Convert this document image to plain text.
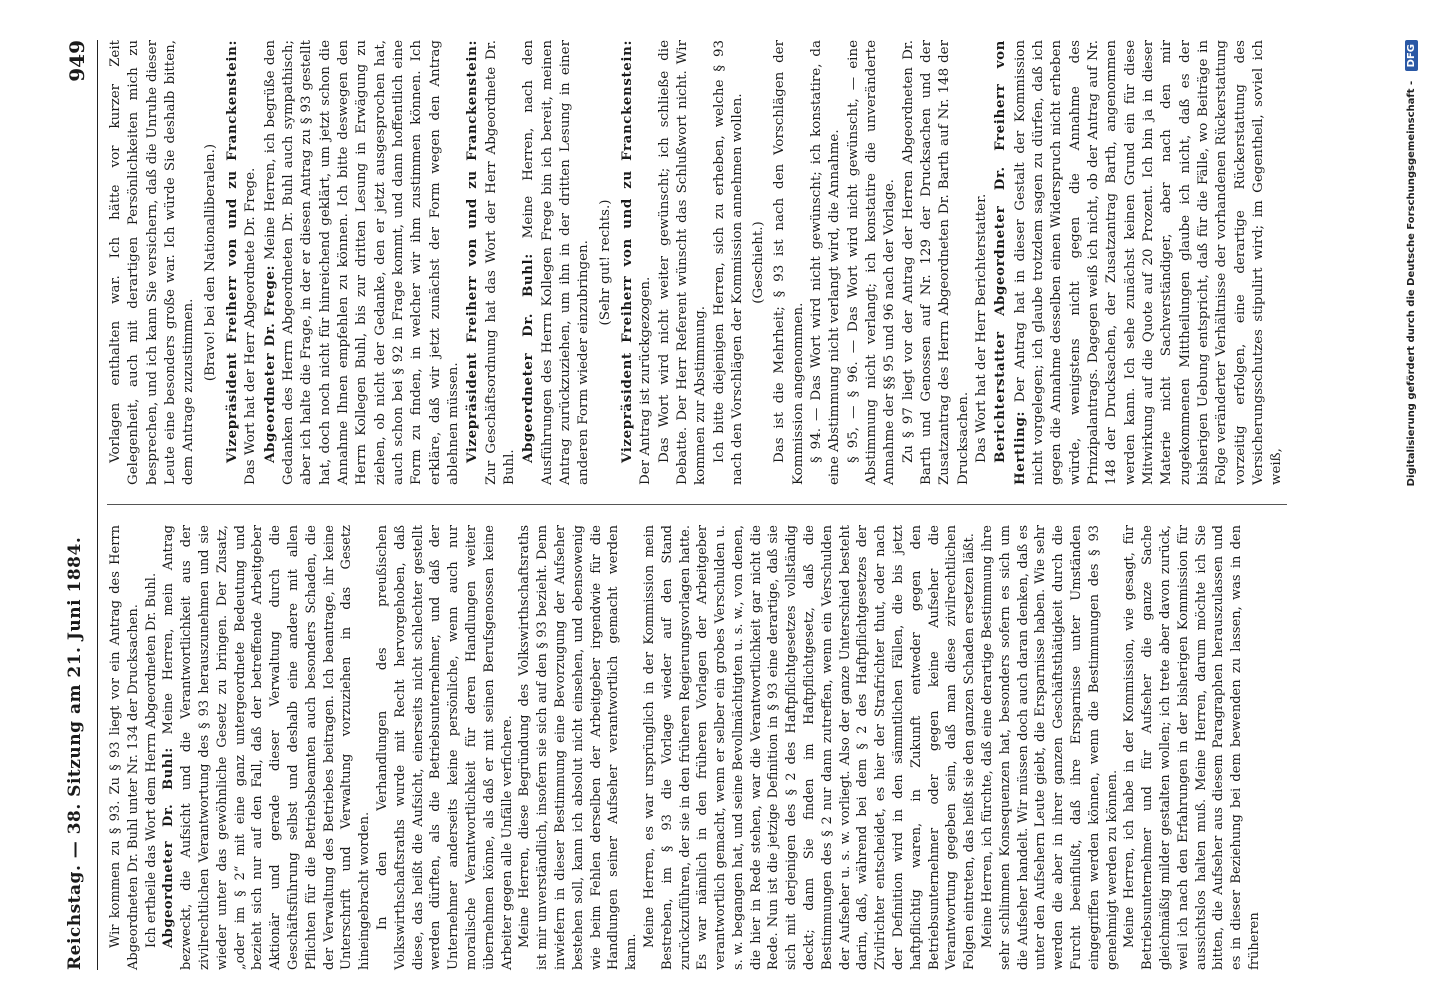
Reichstag. — 38. Sitzung am 21. Juni 1884.
949

Wir kommen zu § 93. Zu § 93 liegt vor ein Antrag des Herrn Abgeordneten Dr. Buhl unter Nr. 134 der Drucksachen. Ich ertheile das Wort dem Herrn Abgeordneten Dr. Buhl. Abgeordneter Dr. Buhl: Meine Herren, mein Antrag bezweckt, die Aufsicht und die Verantwortlichkeit aus der zivilrechtlichen Verantwortung des § 93 herauszunehmen und sie wieder unter das gewöhnliche Gesetz zu bringen. Der Zusatz, „oder im § 2“ mit eine ganz untergeordnete Bedeutung und bezieht sich nur auf den Fall, daß der betreffende Arbeitgeber Aktionär und gerade dieser Verwaltung durch die Geschäftsführung selbst und deshalb eine andere mit allen Pflichten für die Betriebsbeamten auch besonders Schaden, die der Verwaltung des Betriebes beitragen. Ich beantrage, ihr keine Unterschrift und Verwaltung vorzuziehen in das Gesetz hineingebracht worden. In den Verhandlungen des preußischen Volkswirthschaftsraths wurde mit Recht hervorgehoben, daß diese, das heißt die Aufsicht, einerseits nicht schlechter gestellt werden dürften, als die Betriebsunternehmer, und daß der Unternehmer anderseits keine persönliche, wenn auch nur moralische Verantwortlichkeit für deren Handlungen weiter übernehmen könne, als daß er mit seinen Berufsgenossen keine Arbeiter gegen alle Unfälle verfichere. Meine Herren, diese Begründung des Volkswirthschaftsraths ist mir unverständlich, insofern sie sich auf den § 93 bezieht. Denn inwiefern in dieser Bestimmung eine Bevorzugung der Aufseher bestehen soll, kann ich absolut nicht einsehen, und ebensowenig wie beim Fehlen derselben der Arbeitgeber irgendwie für die Handlungen seiner Aufseher verantwortlich gemacht werden kann.

Meine Herren, es war ursprünglich in der Kommission mein Bestreben, im § 93 die Vorlage wieder auf den Stand zurückzuführen, der sie in den früheren Regierungsvorlagen hatte. Es war nämlich in den früheren Vorlagen der Arbeitgeber verantwortlich gemacht, wenn er selber ein grobes Verschulden u. s. w. begangen hat, und seine Bevollmächtigten u. s. w., von denen, die hier in Rede stehen, war die Verantwortlichkeit gar nicht die Rede. Nun ist die jetzige Definition in § 93 eine derartige, daß sie sich mit derjenigen des § 2 des Haftpflichtgesetzes vollständig deckt; dann Sie finden im Haftpflichtgesetz, daß die Bestimmungen des § 2 nur dann zutreffen, wenn ein Verschulden der Aufseher u. s. w. vorliegt. Also der ganze Unterschied besteht darin, daß, während bei dem § 2 des Haftpflichtgesetzes der Zivilrichter entscheidet, es hier der Strafrichter thut, oder nach der Definition wird in den sämmtlichen Fällen, die bis jetzt haftpflichtig waren, in Zukunft entweder gegen den Betriebsunternehmer oder gegen keine Aufseher die Verantwortung gegeben sein, daß man diese zivilrechtlichen Folgen eintreten, das heißt sie den ganzen Schaden ersetzen läßt. Meine Herren, ich fürchte, daß eine derartige Bestimmung ihre sehr schlimmen Konsequenzen hat, besonders sofern es sich um die Aufseher handelt. Wir müssen doch auch daran denken, daß es unter den Aufsehern Leute giebt, die Ersparnisse haben. Wie sehr werden die aber in ihrer ganzen Geschäftsthätigkeit durch die Furcht beeinflußt, daß ihre Ersparnisse unter Umständen eingegriffen werden können, wenn die Bestimmungen des § 93 genehmigt werden zu können. Meine Herren, ich habe in der Kommission, wie gesagt, für Betriebsunternehmer und für Aufseher die ganze Sache gleichmäßig milder gestalten wollen; ich trete aber davon zurück, weil ich nach den Erfahrungen in der bisherigen Kommission für aussichtslos halten muß. Meine Herren, darum möchte ich Sie bitten, die Aufseher aus diesem Paragraphen herauszulassen und es in dieser Beziehung bei dem bewenden zu lassen, was in den früheren

Vorlagen enthalten war. Ich hätte vor kurzer Zeit Gelegenheit, auch mit derartigen Persönlichkeiten mich zu besprechen, und ich kann Sie versichern, daß die Unruhe dieser Leute eine besonders große war. Ich würde Sie deshalb bitten, dem Antrage zuzustimmen.

(Bravo! bei den Nationalliberalen.) Vizepräsident Freiherr von und zu Franckenstein: Das Wort hat der Herr Abgeordnete Dr. Frege. Abgeordneter Dr. Frege: Meine Herren, ich begrüße den Gedanken des Herrn Abgeordneten Dr. Buhl auch sympathisch; aber ich halte die Frage, in der er diesen Antrag zu § 93 gestellt hat, doch noch nicht für hinreichend geklärt, um jetzt schon die Annahme Ihnen empfehlen zu können. Ich bitte deswegen den Herrn Kollegen Buhl, bis zur dritten Lesung in Erwägung zu ziehen, ob nicht der Gedanke, den er jetzt ausgesprochen hat, auch schon bei § 92 in Frage kommt, und dann hoffentlich eine Form zu finden, in welcher wir ihm zustimmen können. Ich erkläre, daß wir jetzt zunächst der Form wegen den Antrag ablehnen müssen. Vizepräsident Freiherr von und zu Franckenstein: Zur Geschäftsordnung hat das Wort der Herr Abgeordnete Dr. Buhl.

Abgeordneter Dr. Buhl: Meine Herren, nach den Ausführungen des Herrn Kollegen Frege bin ich bereit, meinen Antrag zurückzuziehen, um ihn in der dritten Lesung in einer anderen Form wieder einzubringen. (Sehr gut! rechts.) Vizepräsident Freiherr von und zu Franckenstein: Der Antrag ist zurückgezogen. Das Wort wird nicht weiter gewünscht; ich schließe die Debatte. Der Herr Referent wünscht das Schlußwort nicht. Wir kommen zur Abstimmung. Ich bitte diejenigen Herren, sich zu erheben, welche § 93 nach den Vorschlägen der Kommission annehmen wollen. (Geschieht.) Das ist die Mehrheit; § 93 ist nach den Vorschlägen der Kommission angenommen. § 94. — Das Wort wird nicht gewünscht; ich konstatire, da eine Abstimmung nicht verlangt wird, die Annahme. § 95, — § 96. — Das Wort wird nicht gewünscht, — eine Abstimmung nicht verlangt; ich konstatire die unveränderte Annahme der §§ 95 und 96 nach der Vorlage. Zu § 97 liegt vor der Antrag der Herren Abgeordneten Dr. Barth und Genossen auf Nr. 129 der Drucksachen und der Zusatzantrag des Herrn Abgeordneten Dr. Barth auf Nr. 148 der Drucksachen. Das Wort hat der Herr Berichterstatter. Berichterstatter Abgeordneter Dr. Freiherr von Hertling: Der Antrag hat in dieser Gestalt der Kommission nicht vorgelegen; ich glaube trotzdem sagen zu dürfen, daß ich gegen die Annahme desselben einen Widerspruch nicht erheben würde, wenigstens nicht gegen die Annahme des Prinzipalantrags. Dagegen weiß ich nicht, ob der Antrag auf Nr. 148 der Drucksachen, der Zusatzantrag Barth, angenommen werden kann. Ich sehe zunächst keinen Grund ein für diese Mitwirkung auf die Quote auf 20 Prozent. Ich bin ja in dieser Materie nicht Sachverständiger, aber nach den mir zugekommenen Mittheilungen glaube ich nicht, daß es der bisherigen Uebung entspricht, daß für die Fälle, wo Beiträge in Folge veränderter Verhältnisse der vorhandenen Rückerstattung vorzeitig erfolgen, eine derartige Rückerstattung des Versicherungsschutzes stipulirt wird; im Gegentheil, soviel ich weiß,	Digitalisierung gefördert durch die Deutsche Forschungsgemeinschaft - DFG
